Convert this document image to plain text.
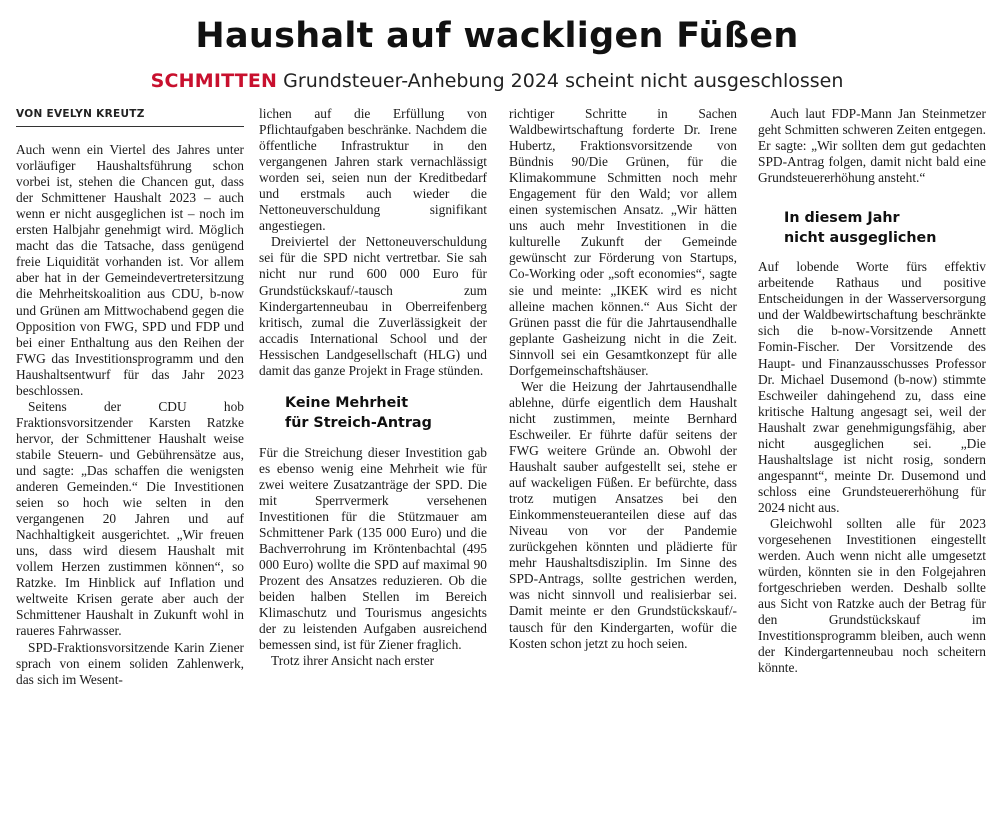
Haushalt auf wackligen Füßen
SCHMITTEN Grundsteuer-Anhebung 2024 scheint nicht ausgeschlossen
VON EVELYN KREUTZ

Auch wenn ein Viertel des Jahres unter vorläufiger Haushaltsführung schon vorbei ist, stehen die Chancen gut, dass der Schmittener Haushalt 2023 – auch wenn er nicht ausgeglichen ist – noch im ersten Halbjahr genehmigt wird. Möglich macht das die Tatsache, dass genügend freie Liquidität vorhanden ist. Vor allem aber hat in der Gemeindevertretersitzung die Mehrheitskoalition aus CDU, b-now und Grünen am Mittwochabend gegen die Opposition von FWG, SPD und FDP und bei einer Enthaltung aus den Reihen der FWG das Investitionsprogramm und den Haushaltsentwurf für das Jahr 2023 beschlossen.

Seitens der CDU hob Fraktionsvorsitzender Karsten Ratzke hervor, der Schmittener Haushalt weise stabile Steuern- und Gebührensätze aus, und sagte: „Das schaffen die wenigsten anderen Gemeinden.“ Die Investitionen seien so hoch wie selten in den vergangenen 20 Jahren und auf Nachhaltigkeit ausgerichtet. „Wir freuen uns, dass wird diesem Haushalt mit vollem Herzen zustimmen können“, so Ratzke. Im Hinblick auf Inflation und weltweite Krisen gerate aber auch der Schmittener Haushalt in Zukunft wohl in raueres Fahrwasser.

SPD-Fraktionsvorsitzende Karin Ziener sprach von einem soliden Zahlenwerk, das sich im Wesent-

lichen auf die Erfüllung von Pflichtaufgaben beschränke. Nachdem die öffentliche Infrastruktur in den vergangenen Jahren stark vernachlässigt worden sei, seien nun der Kreditbedarf und erstmals auch wieder die Nettoneuverschuldung signifikant angestiegen.

Dreiviertel der Nettoneuverschuldung sei für die SPD nicht vertretbar. Sie sah nicht nur rund 600 000 Euro für Grundstückskauf/-tausch zum Kindergartenneubau in Oberreifenberg kritisch, zumal die Zuverlässigkeit der accadis International School und der Hessischen Landgesellschaft (HLG) und damit das ganze Projekt in Frage stünden.

Keine Mehrheit
für Streich-Antrag

Für die Streichung dieser Investition gab es ebenso wenig eine Mehrheit wie für zwei weitere Zusatzanträge der SPD. Die mit Sperrvermerk versehenen Investitionen für die Stützmauer am Schmittener Park (135 000 Euro) und die Bachverrohrung im Kröntenbachtal (495 000 Euro) wollte die SPD auf maximal 90 Prozent des Ansatzes reduzieren. Ob die beiden halben Stellen im Bereich Klimaschutz und Tourismus angesichts der zu leistenden Aufgaben ausreichend bemessen sind, ist für Ziener fraglich.

Trotz ihrer Ansicht nach erster

richtiger Schritte in Sachen Waldbewirtschaftung forderte Dr. Irene Hubertz, Fraktionsvorsitzende von Bündnis 90/Die Grünen, für die Klimakommune Schmitten noch mehr Engagement für den Wald; vor allem einen systemischen Ansatz. „Wir hätten uns auch mehr Investitionen in die kulturelle Zukunft der Gemeinde gewünscht zur Förderung von Startups, Co-Working oder „soft economies“, sagte sie und meinte: „IKEK wird es nicht alleine machen können.“ Aus Sicht der Grünen passt die für die Jahrtausendhalle geplante Gasheizung nicht in die Zeit. Sinnvoll sei ein Gesamtkonzept für alle Dorfgemeinschaftshäuser.

Wer die Heizung der Jahrtausendhalle ablehne, dürfe eigentlich dem Haushalt nicht zustimmen, meinte Bernhard Eschweiler. Er führte dafür seitens der FWG weitere Gründe an. Obwohl der Haushalt sauber aufgestellt sei, stehe er auf wackeligen Füßen. Er befürchte, dass trotz mutigen Ansatzes bei den Einkommensteueranteilen diese auf das Niveau von vor der Pandemie zurückgehen könnten und plädierte für mehr Haushaltsdisziplin. Im Sinne des SPD-Antrags, sollte gestrichen werden, was nicht sinnvoll und realisierbar sei. Damit meinte er den Grundstückskauf/-tausch für den Kindergarten, wofür die Kosten schon jetzt zu hoch seien.

Auch laut FDP-Mann Jan Steinmetzer geht Schmitten schweren Zeiten entgegen. Er sagte: „Wir sollten dem gut gedachten SPD-Antrag folgen, damit nicht bald eine Grundsteuererhöhung ansteht.“

In diesem Jahr
nicht ausgeglichen

Auf lobende Worte fürs effektiv arbeitende Rathaus und positive Entscheidungen in der Wasserversorgung und der Waldbewirtschaftung beschränkte sich die b-now-Vorsitzende Annett Fomin-Fischer. Der Vorsitzende des Haupt- und Finanzausschusses Professor Dr. Michael Dusemond (b-now) stimmte Eschweiler dahingehend zu, dass eine kritische Haltung angesagt sei, weil der Haushalt zwar genehmigungsfähig, aber nicht ausgeglichen sei. „Die Haushaltslage ist nicht rosig, sondern angespannt“, meinte Dr. Dusemond und schloss eine Grundsteuererhöhung für 2024 nicht aus.

Gleichwohl sollten alle für 2023 vorgesehenen Investitionen eingestellt werden. Auch wenn nicht alle umgesetzt würden, könnten sie in den Folgejahren fortgeschrieben werden. Deshalb sollte aus Sicht von Ratzke auch der Betrag für den Grundstückskauf im Investitionsprogramm bleiben, auch wenn der Kindergartenneubau noch scheitern könnte.
